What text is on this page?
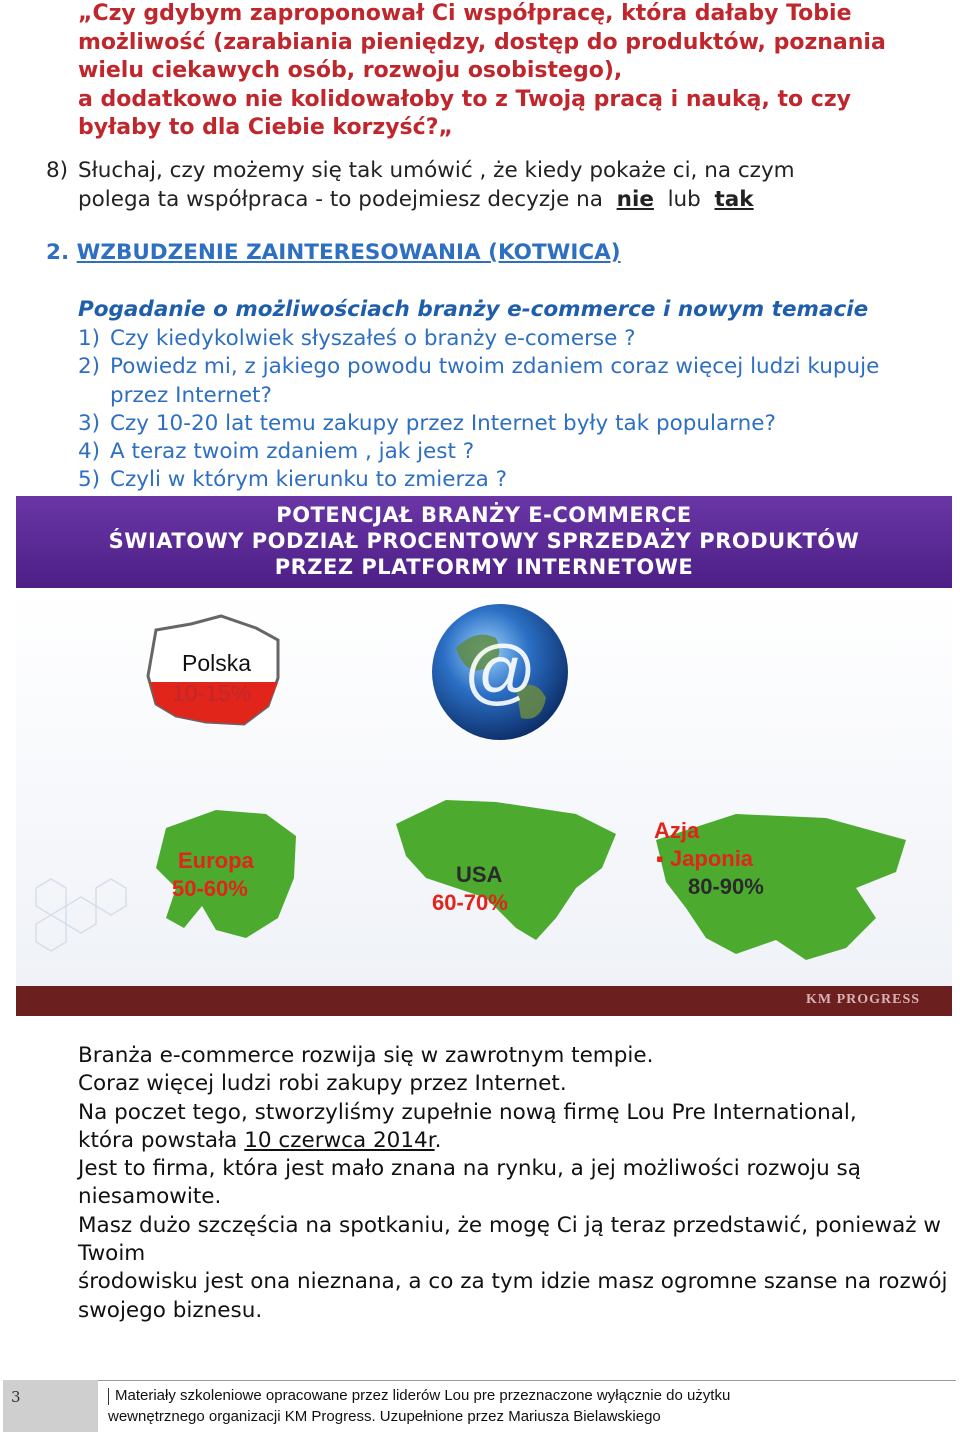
„Czy gdybym zaproponował Ci współpracę, która dałaby Tobie
możliwość (zarabiania pieniędzy, dostęp do produktów, poznania
wielu ciekawych osób, rozwoju osobistego),
a dodatkowo nie kolidowałoby to z Twoją pracą i nauką, to czy
byłaby to dla Ciebie korzyść?„
8) Słuchaj, czy możemy się tak umówić , że kiedy pokaże ci, na czym
polega ta współpraca - to podejmiesz decyzje na nie lub tak
2. WZBUDZENIE ZAINTERESOWANIA (KOTWICA)
Pogadanie o możliwościach branży e-commerce i nowym temacie
1) Czy kiedykolwiek słyszałeś o branży e-comerse ?
2) Powiedz mi, z jakiego powodu twoim zdaniem coraz więcej ludzi kupuje przez Internet?
3) Czy 10-20 lat temu zakupy przez Internet były tak popularne?
4) A teraz twoim zdaniem , jak jest ?
5) Czyli w którym kierunku to zmierza ?
POTENCJAŁ BRANŻY E-COMMERCE
ŚWIATOWY PODZIAŁ PROCENTOWY SPRZEDAŻY PRODUKTÓW
PRZEZ PLATFORMY INTERNETOWE
@
Polska
10-15%
Europa
50-60%
USA
60-70%
Azja
▪ Japonia
80-90%
KM PROGRESS

Branża e-commerce rozwija się w zawrotnym tempie.

Coraz więcej ludzi robi zakupy przez Internet.

Na poczet tego, stworzyliśmy zupełnie nową firmę Lou Pre International,

która powstała 10 czerwca 2014r.

Jest to firma, która jest mało znana na rynku, a jej możliwości rozwoju są niesamowite.

Masz dużo szczęścia na spotkaniu, że mogę Ci ją teraz przedstawić, ponieważ w Twoim

środowisku jest ona nieznana, a co za tym idzie masz ogromne szanse na rozwój swojego biznesu.

3	Materiały szkoleniowe opracowane przez liderów Lou pre przeznaczone wyłącznie do użytku
wewnętrznego organizacji KM Progress. Uzupełnione przez Mariusza Bielawskiego
